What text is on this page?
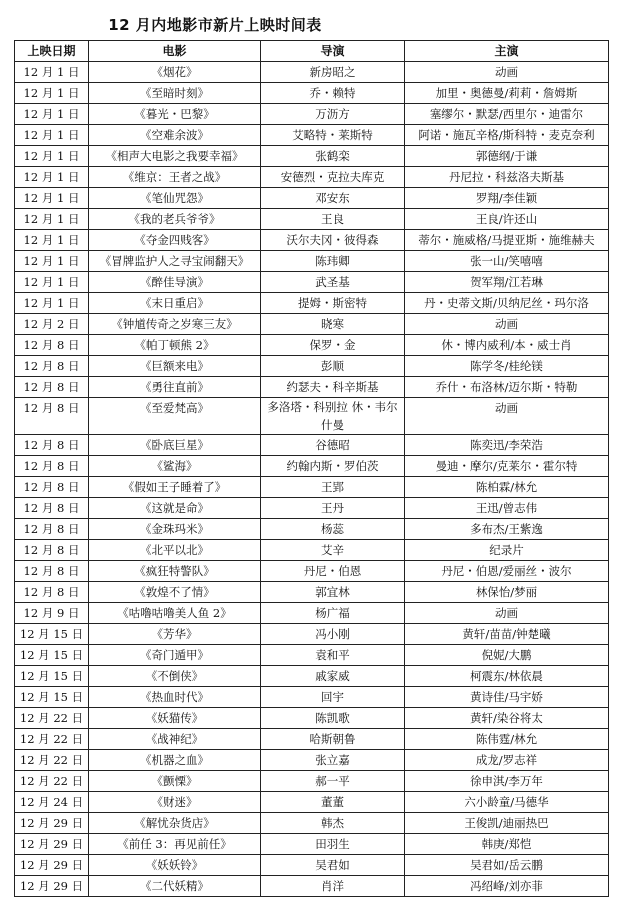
12 月内地影市新片上映时间表
上映日期	电影	导演	主演
12 月 1 日	《烟花》	新房昭之	动画
12 月 1 日	《至暗时刻》	乔・赖特	加里・奥德曼/莉莉・詹姆斯
12 月 1 日	《暮光・巴黎》	万沥方	塞缪尔・默瑟/西里尔・迪雷尔
12 月 1 日	《空难余波》	艾略特・莱斯特	阿诺・施瓦辛格/斯科特・麦克奈利
12 月 1 日	《相声大电影之我要幸福》	张鹤栾	郭德纲/于谦
12 月 1 日	《维京：王者之战》	安德烈・克拉夫库克	丹尼拉・科兹洛夫斯基
12 月 1 日	《笔仙咒怨》	邓安东	罗翔/李佳颖
12 月 1 日	《我的老兵爷爷》	王良	王良/许还山
12 月 1 日	《夺金四贱客》	沃尔夫冈・彼得森	蒂尔・施威格/马提亚斯・施维赫夫
12 月 1 日	《冒牌监护人之寻宝闹翻天》	陈玮卿	张一山/笑嘻嘻
12 月 1 日	《醉佳导演》	武圣基	贺军翔/江若琳
12 月 1 日	《末日重启》	提姆・斯密特	丹・史蒂文斯/贝纳尼丝・玛尔洛
12 月 2 日	《钟馗传奇之岁寒三友》	晓寒	动画
12 月 8 日	《帕丁顿熊 2》	保罗・金	休・博内威利/本・威士肖
12 月 8 日	《巨额来电》	彭顺	陈学冬/桂纶镁
12 月 8 日	《勇往直前》	约瑟夫・科辛斯基	乔什・布洛林/迈尔斯・特勒
12 月 8 日	《至爱梵高》	多洛塔・科别拉 休・韦尔什曼	动画
12 月 8 日	《卧底巨星》	谷德昭	陈奕迅/李荣浩
12 月 8 日	《鲨海》	约翰内斯・罗伯茨	曼迪・摩尔/克莱尔・霍尔特
12 月 8 日	《假如王子睡着了》	王郢	陈柏霖/林允
12 月 8 日	《这就是命》	王丹	王迅/曾志伟
12 月 8 日	《金珠玛米》	杨蕊	多布杰/王紫逸
12 月 8 日	《北平以北》	艾辛	纪录片
12 月 8 日	《疯狂特警队》	丹尼・伯恩	丹尼・伯恩/爱丽丝・波尔
12 月 8 日	《敦煌不了情》	郭宜林	林保怡/梦丽
12 月 9 日	《咕噜咕噜美人鱼 2》	杨广福	动画
12 月 15 日	《芳华》	冯小刚	黄轩/苗苗/钟楚曦
12 月 15 日	《奇门遁甲》	袁和平	倪妮/大鹏
12 月 15 日	《不倒侠》	戚家威	柯震东/林依晨
12 月 15 日	《热血时代》	回宇	黄诗佳/马宇娇
12 月 22 日	《妖猫传》	陈凯歌	黄轩/染谷将太
12 月 22 日	《战神纪》	哈斯朝鲁	陈伟霆/林允
12 月 22 日	《机器之血》	张立嘉	成龙/罗志祥
12 月 22 日	《颤慄》	郝一平	徐申淇/李万年
12 月 24 日	《财迷》	董董	六小龄童/马德华
12 月 29 日	《解忧杂货店》	韩杰	王俊凯/迪丽热巴
12 月 29 日	《前任 3：再见前任》	田羽生	韩庚/郑恺
12 月 29 日	《妖妖铃》	吴君如	吴君如/岳云鹏
12 月 29 日	《二代妖精》	肖洋	冯绍峰/刘亦菲
